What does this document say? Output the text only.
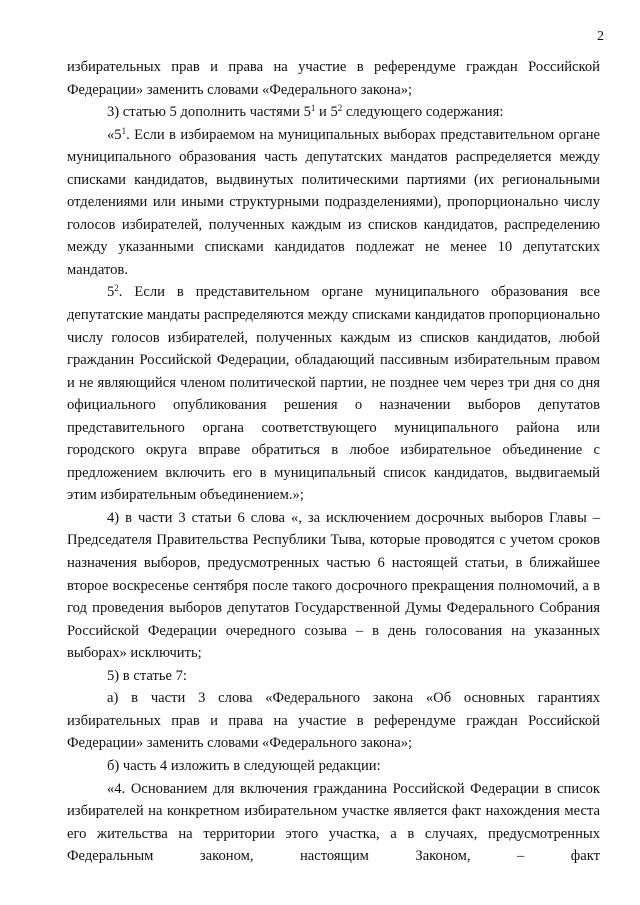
2

избирательных прав и права на участие в референдуме граждан Российской Федерации» заменить словами «Федерального закона»;

3) статью 5 дополнить частями $5^1$ и $5^2$ следующего содержания:

«$5^1$. Если в избираемом на муниципальных выборах представительном органе муниципального образования часть депутатских мандатов распределяется между списками кандидатов, выдвинутых политическими партиями (их региональными отделениями или иными структурными подразделениями), пропорционально числу голосов избирателей, полученных каждым из списков кандидатов, распределению между указанными списками кандидатов подлежат не менее 10 депутатских мандатов.

$5^2$. Если в представительном органе муниципального образования все депутатские мандаты распределяются между списками кандидатов пропорционально числу голосов избирателей, полученных каждым из списков кандидатов, любой гражданин Российской Федерации, обладающий пассивным избирательным правом и не являющийся членом политической партии, не позднее чем через три дня со дня официального опубликования решения о назначении выборов депутатов представительного органа соответствующего муниципального района или городского округа вправе обратиться в любое избирательное объединение с предложением включить его в муниципальный список кандидатов, выдвигаемый этим избирательным объединением.»;

4) в части 3 статьи 6 слова «, за исключением досрочных выборов Главы – Председателя Правительства Республики Тыва, которые проводятся с учетом сроков назначения выборов, предусмотренных частью 6 настоящей статьи, в ближайшее второе воскресенье сентября после такого досрочного прекращения полномочий, а в год проведения выборов депутатов Государственной Думы Федерального Собрания Российской Федерации очередного созыва – в день голосования на указанных выборах» исключить;

5) в статье 7:

а) в части 3 слова «Федерального закона «Об основных гарантиях избирательных прав и права на участие в референдуме граждан Российской Федерации» заменить словами «Федерального закона»;

б) часть 4 изложить в следующей редакции:

«4. Основанием для включения гражданина Российской Федерации в список избирателей на конкретном избирательном участке является факт нахождения места его жительства на территории этого участка, а в случаях, предусмотренных Федеральным законом, настоящим Законом, – факт
